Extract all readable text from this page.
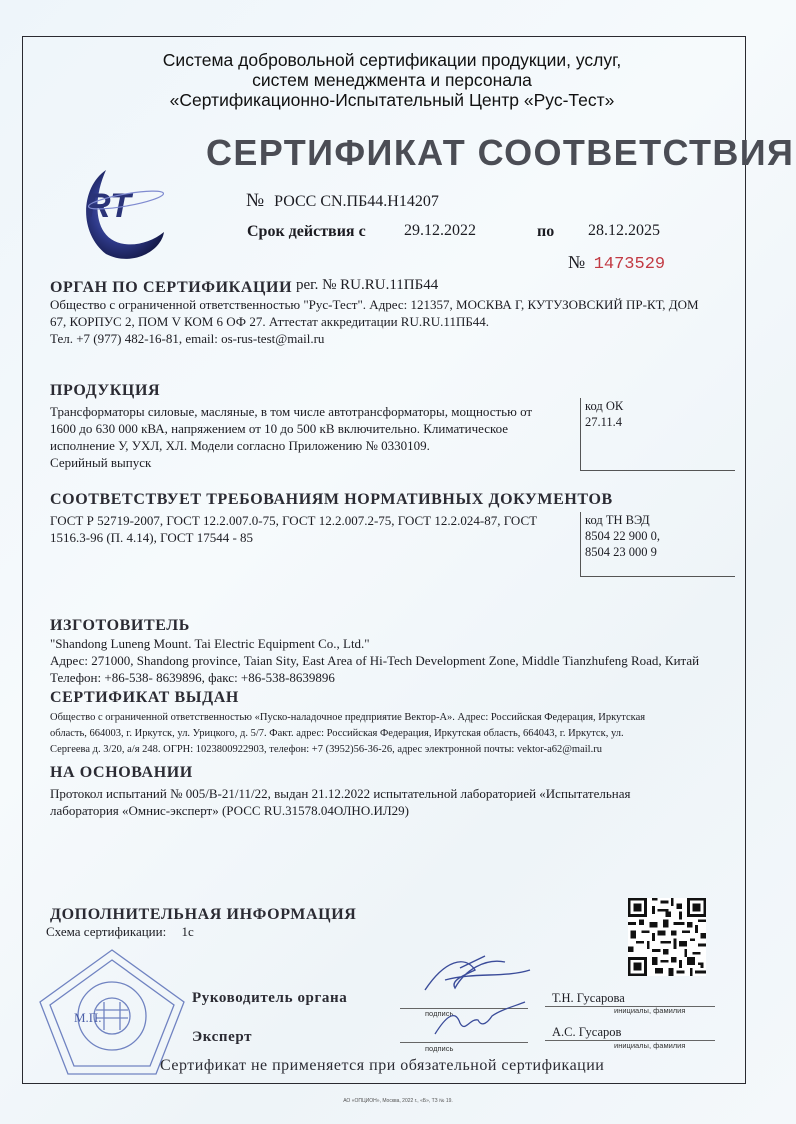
Система добровольной сертификации продукции, услуг,
систем менеджмента и персонала
«Сертификационно-Испытательный Центр «Рус-Тест»
СЕРТИФИКАТ СООТВЕТСТВИЯ
RT	№ РОСС CN.ПБ44.Н14207
Срок действия с 29.12.2022	по 28.12.2025
№ 1473529
ОРГАН ПО СЕРТИФИКАЦИИ рег. № RU.RU.11ПБ44
Общество с ограниченной ответственностью "Рус-Тест". Адрес: 121357, МОСКВА Г, КУТУЗОВСКИЙ ПР-КТ, ДОМ
67, КОРПУС 2, ПОМ V КОМ 6 ОФ 27. Аттестат аккредитации RU.RU.11ПБ44.
Тел. +7 (977) 482-16-81, email: os-rus-test@mail.ru
ПРОДУКЦИЯ
Трансформаторы силовые, масляные, в том числе автотрансформаторы, мощностью от
1600 до 630 000 кВА, напряжением от 10 до 500 кВ включительно. Климатическое
исполнение У, УХЛ, ХЛ. Модели согласно Приложению № 0330109.
Серийный выпуск
код ОК
27.11.4
СООТВЕТСТВУЕТ ТРЕБОВАНИЯМ НОРМАТИВНЫХ ДОКУМЕНТОВ
ГОСТ Р 52719-2007, ГОСТ 12.2.007.0-75, ГОСТ 12.2.007.2-75, ГОСТ 12.2.024-87, ГОСТ
1516.3-96 (П. 4.14), ГОСТ 17544 - 85
код ТН ВЭД
8504 22 900 0,
8504 23 000 9
ИЗГОТОВИТЕЛЬ
"Shandong Luneng Mount. Tai Electric Equipment Co., Ltd."
Адрес: 271000, Shandong province, Taian Sity, East Area of Hi-Tech Development Zone, Middle Tianzhufeng Road, Китай
Телефон: +86-538- 8639896, факс: +86-538-8639896
СЕРТИФИКАТ ВЫДАН
Общество с ограниченной ответственностью «Пуско-наладочное предприятие Вектор-А». Адрес: Российская Федерация, Иркутская
область, 664003, г. Иркутск, ул. Урицкого, д. 5/7. Факт. адрес: Российская Федерация, Иркутская область, 664043, г. Иркутск, ул.
Сергеева д. 3/20, а/я 248. ОГРН: 1023800922903, телефон: +7 (3952)56-36-26, адрес электронной почты: vektor-a62@mail.ru
НА ОСНОВАНИИ
Протокол испытаний № 005/В-21/11/22, выдан 21.12.2022 испытательной лабораторией «Испытательная
лаборатория «Омнис-эксперт» (РОСС RU.31578.04ОЛНО.ИЛ29)
ДОПОЛНИТЕЛЬНАЯ ИНФОРМАЦИЯ
Схема сертификации: 1с
М.П.
Руководитель органа
подпись
Т.Н. Гусарова
инициалы, фамилия
Эксперт
подпись
А.С. Гусаров
инициалы, фамилия
Сертификат не применяется при обязательной сертификации
АО «ОПЦИОН», Москва, 2022 г., «Б», ТЗ № 19.
